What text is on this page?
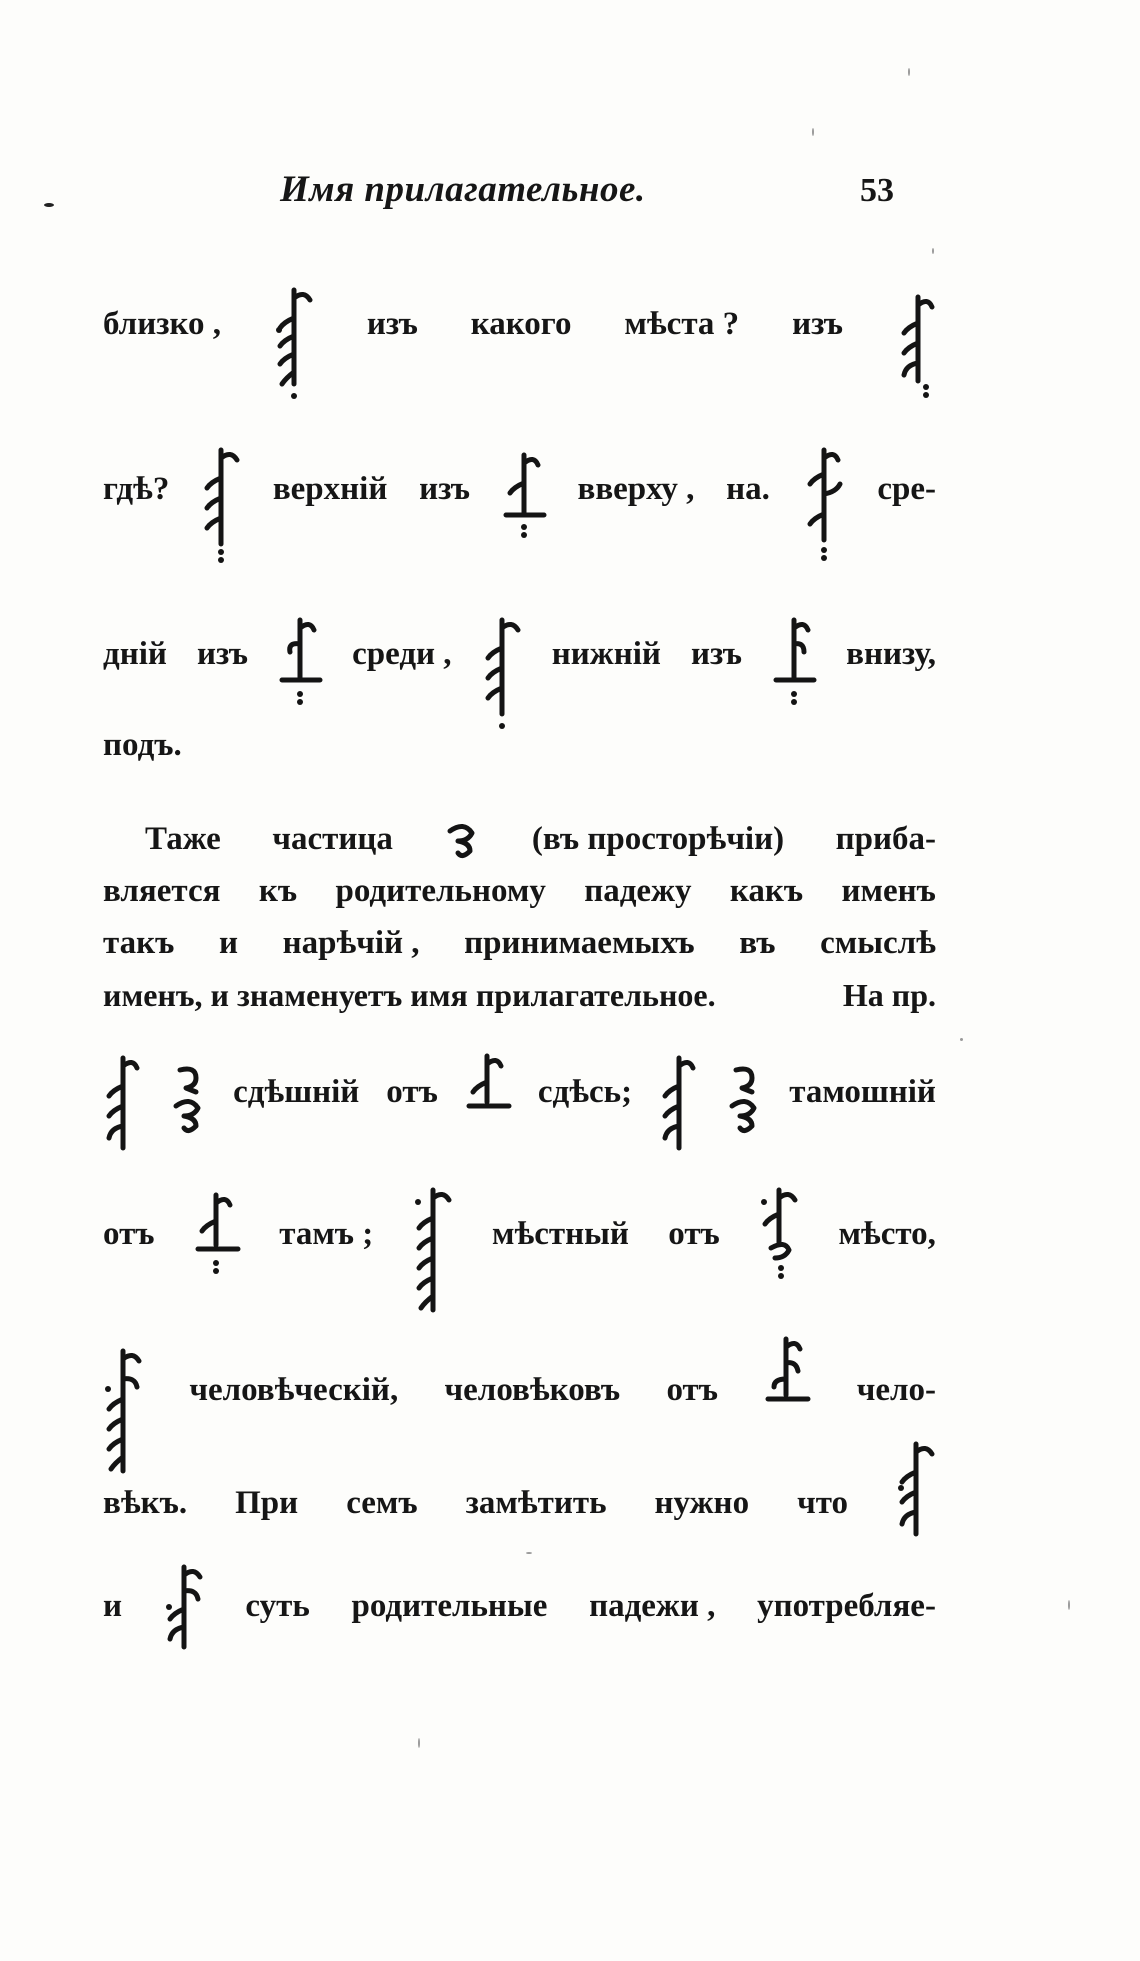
Имя прилагательное.	53
близко ,	изъ какого мѣста ? изъ
гдѣ?	верхній изъ	вверху , на.	сре-
дній изъ	среди ,	нижній изъ	внизу,
подъ.
Таже частица	(въ просторѣчіи) прибa-
вляется къ родительному падежу какъ именъ
такъ и нарѣчій , принимаемыхъ въ смыслѣ
именъ, и знаменуетъ имя прилагательное.	На пр.
сдѣшній отъ	сдѣсь;	тамошній
отъ	тамъ ;	мѣстный отъ	мѣсто,
человѣческій, человѣковъ отъ	чело-
вѣкъ. При семъ замѣтить нужно что
и	суть родительные падежи , употребляе-
